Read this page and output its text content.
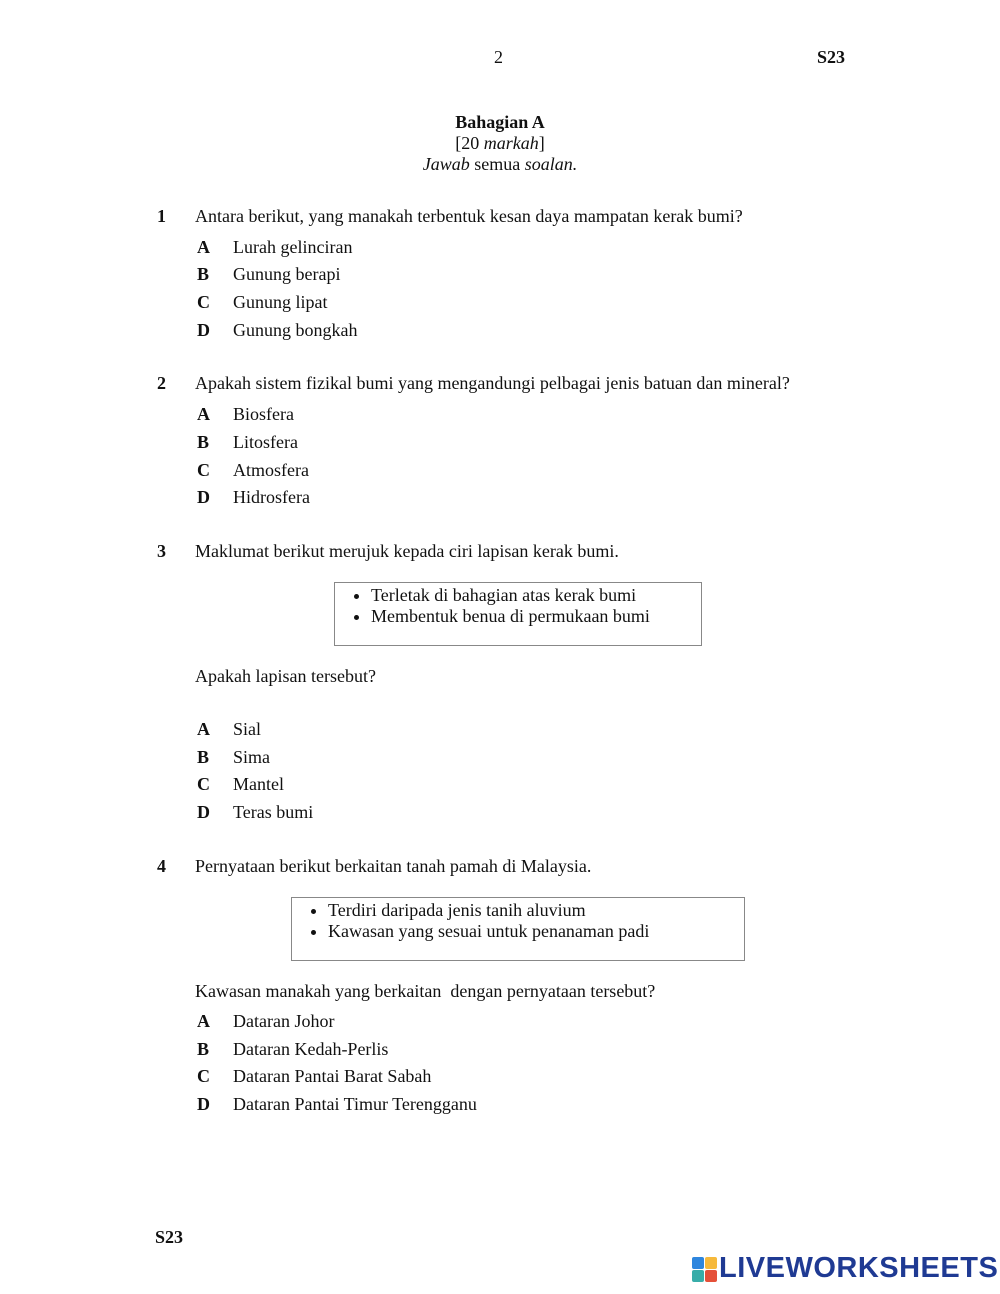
2	S23
Bahagian A
[20 markah]
Jawab semua soalan.
1 Antara berikut, yang manakah terbentuk kesan daya mampatan kerak bumi?
A Lurah gelinciran
B Gunung berapi
C Gunung lipat
D Gunung bongkah
2 Apakah sistem fizikal bumi yang mengandungi pelbagai jenis batuan dan mineral?
A Biosfera
B Litosfera
C Atmosfera
D Hidrosfera
3 Maklumat berikut merujuk kepada ciri lapisan kerak bumi.
• Terletak di bahagian atas kerak bumi
• Membentuk benua di permukaan bumi
Apakah lapisan tersebut?
A Sial
B Sima
C Mantel
D Teras bumi
4 Pernyataan berikut berkaitan tanah pamah di Malaysia.
• Terdiri daripada jenis tanih aluvium
• Kawasan yang sesuai untuk penanaman padi
Kawasan manakah yang berkaitan  dengan pernyataan tersebut?
A Dataran Johor
B Dataran Kedah-Perlis
C Dataran Pantai Barat Sabah
D Dataran Pantai Timur Terengganu
S23
LIVEWORKSHEETS
